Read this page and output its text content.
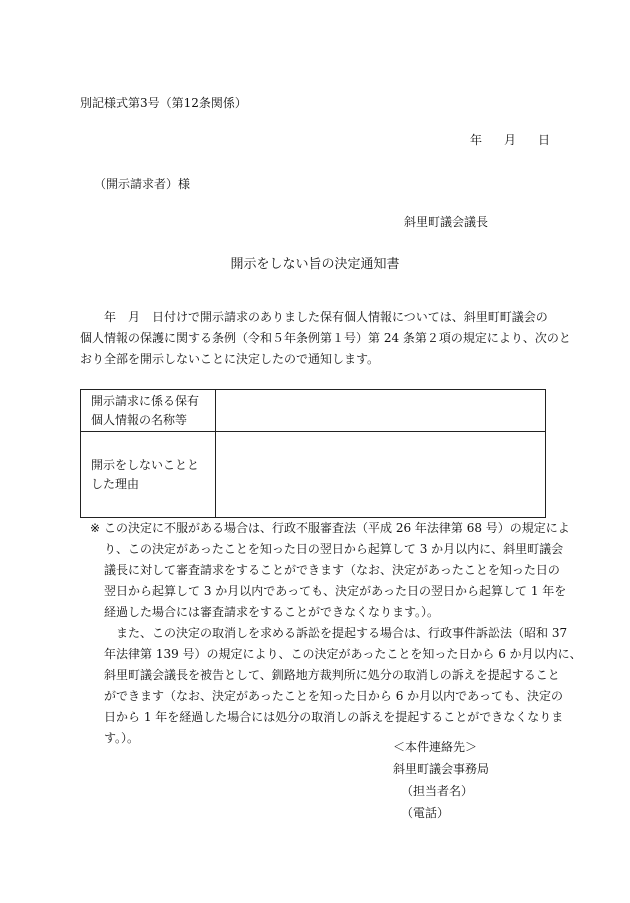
別記様式第3号（第12条関係）
年 月 日
（開示請求者）様
斜里町議会議長
開示をしない旨の決定通知書
　　年　月　日付けで開示請求のありました保有個人情報については、斜里町町議会の
個人情報の保護に関する条例（令和５年条例第１号）第 24 条第２項の規定により、次のと
おり全部を開示しないことに決定したので通知します。
開示請求に係る保有
個人情報の名称等	

開示をしないことと
した理由	

※ この決定に不服がある場合は、行政不服審査法（平成 26 年法律第 68 号）の規定によ
り、この決定があったことを知った日の翌日から起算して 3 か月以内に、斜里町議会
議長に対して審査請求をすることができます（なお、決定があったことを知った日の
翌日から起算して 3 か月以内であっても、決定があった日の翌日から起算して 1 年を
経過した場合には審査請求をすることができなくなります。）。
　また、この決定の取消しを求める訴訟を提起する場合は、行政事件訴訟法（昭和 37
年法律第 139 号）の規定により、この決定があったことを知った日から 6 か月以内に、
斜里町議会議長を被告として、釧路地方裁判所に処分の取消しの訴えを提起すること
ができます（なお、決定があったことを知った日から 6 か月以内であっても、決定の
日から 1 年を経過した場合には処分の取消しの訴えを提起することができなくなりま
す。）。
＜本件連絡先＞
斜里町議会事務局
（担当者名）
（電話）
